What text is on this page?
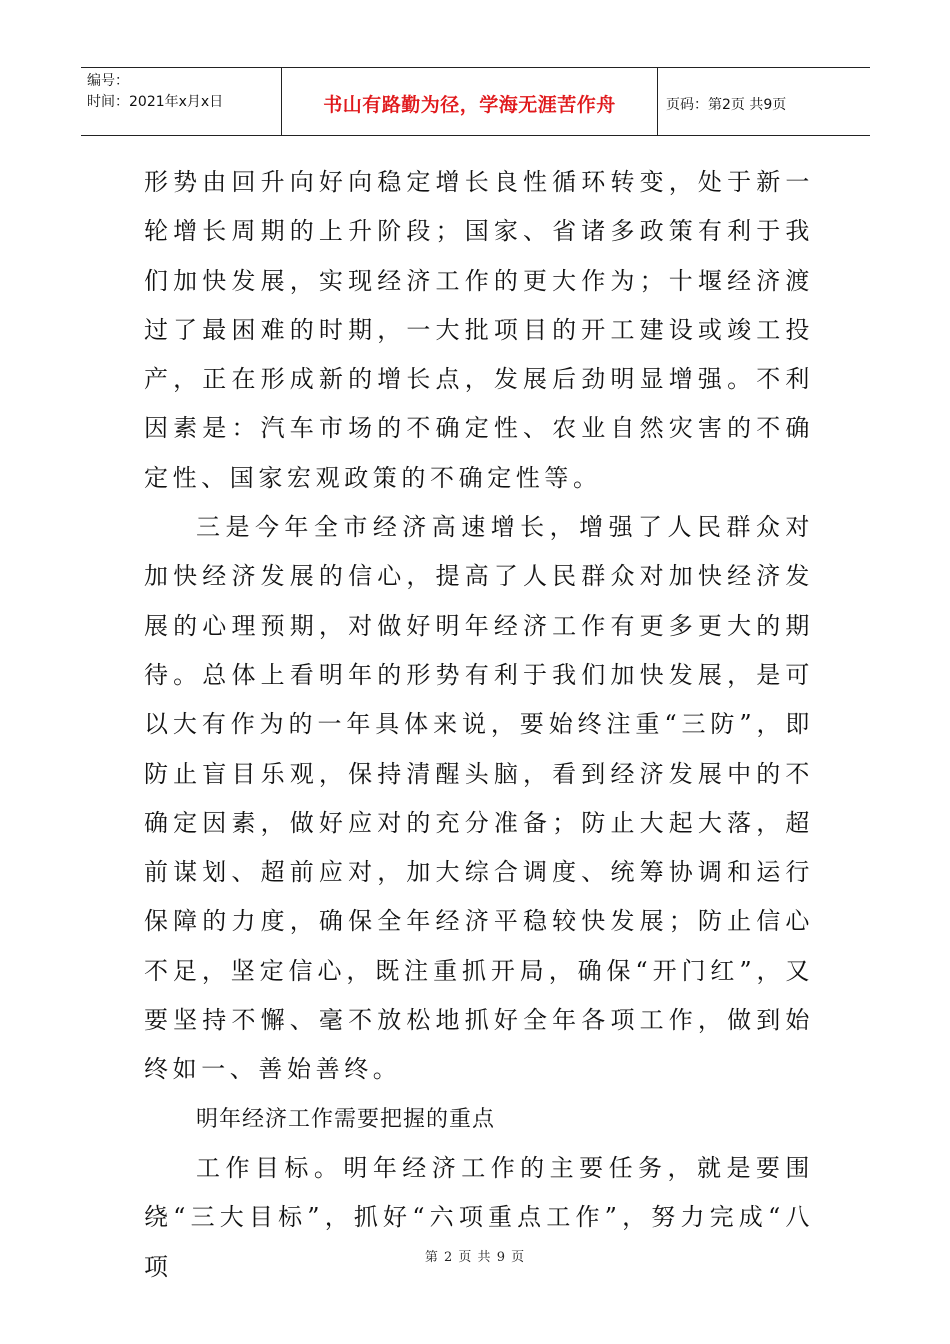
编号：
时间：2021年x月x日	书山有路勤为径，学海无涯苦作舟	页码：第2页 共9页

形势由回升向好向稳定增长良性循环转变，处于新一轮增长周期的上升阶段；国家、省诸多政策有利于我们加快发展，实现经济工作的更大作为；十堰经济渡过了最困难的时期，一大批项目的开工建设或竣工投产，正在形成新的增长点，发展后劲明显增强。不利因素是：汽车市场的不确定性、农业自然灾害的不确定性、国家宏观政策的不确定性等。

三是今年全市经济高速增长，增强了人民群众对加快经济发展的信心，提高了人民群众对加快经济发展的心理预期，对做好明年经济工作有更多更大的期待。总体上看明年的形势有利于我们加快发展，是可以大有作为的一年具体来说，要始终注重“三防”，即防止盲目乐观，保持清醒头脑，看到经济发展中的不确定因素，做好应对的充分准备；防止大起大落，超前谋划、超前应对，加大综合调度、统筹协调和运行保障的力度，确保全年经济平稳较快发展；防止信心不足，坚定信心，既注重抓开局，确保“开门红”，又要坚持不懈、毫不放松地抓好全年各项工作，做到始终如一、善始善终。

明年经济工作需要把握的重点

工作目标。明年经济工作的主要任务，就是要围绕“三大目标”，抓好“六项重点工作”，努力完成“八项	第 2 页 共 9 页
